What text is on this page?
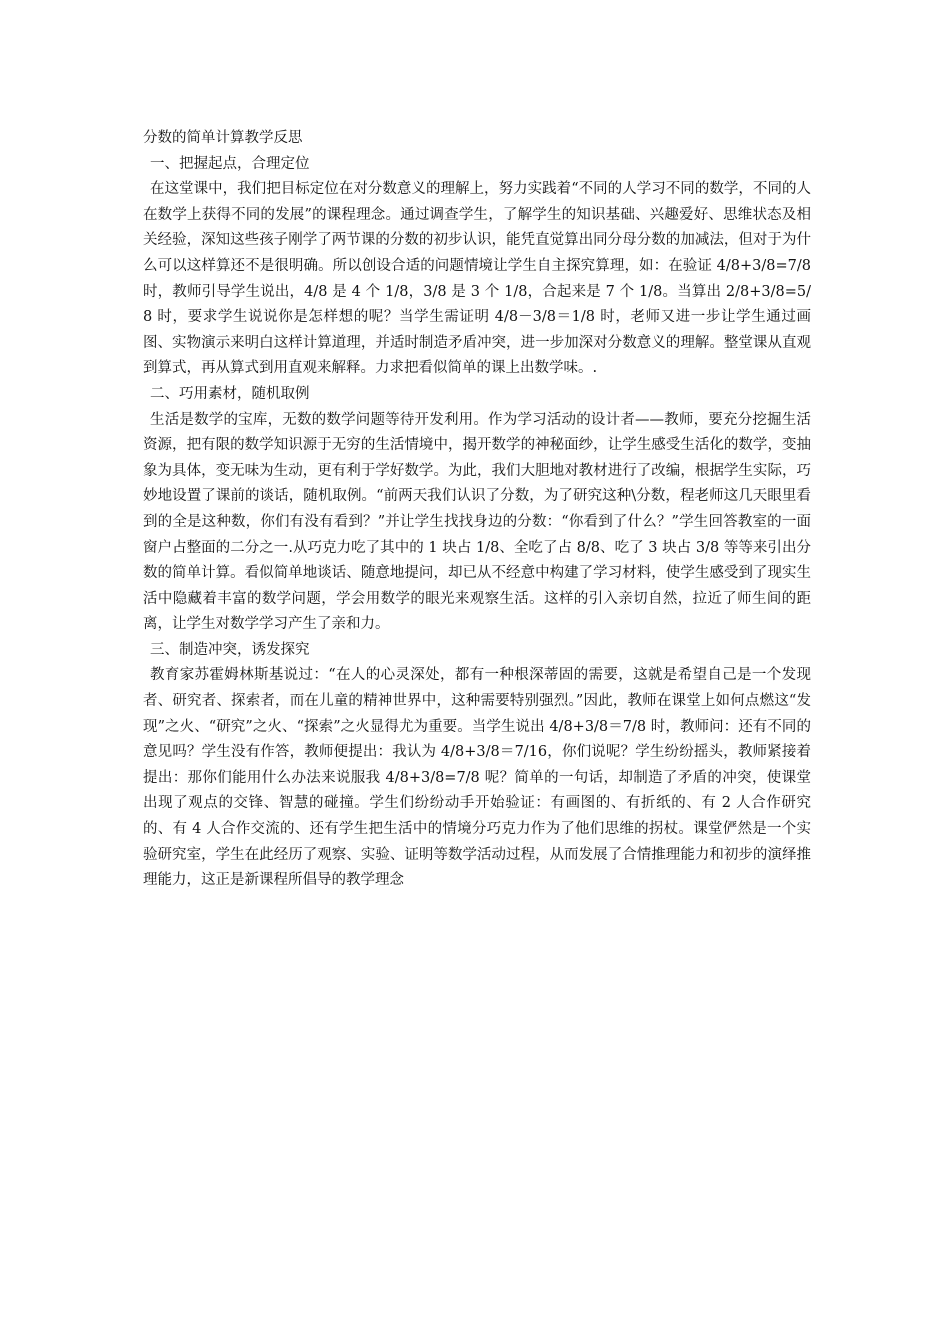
分数的简单计算教学反思
一、把握起点，合理定位

在这堂课中，我们把目标定位在对分数意义的理解上，努力实践着“不同的人学习不同的数学，不同的人在数学上获得不同的发展”的课程理念。通过调查学生，了解学生的知识基础、兴趣爱好、思维状态及相关经验，深知这些孩子刚学了两节课的分数的初步认识，能凭直觉算出同分母分数的加减法，但对于为什么可以这样算还不是很明确。所以创设合适的问题情境让学生自主探究算理，如：在验证 4/8+3/8=7/8 时，教师引导学生说出，4/8 是 4 个 1/8，3/8 是 3 个 1/8，合起来是 7 个 1/8。当算出 2/8+3/8=5/8 时，要求学生说说你是怎样想的呢？当学生需证明 4/8－3/8＝1/8 时，老师又进一步让学生通过画图、实物演示来明白这样计算道理，并适时制造矛盾冲突，进一步加深对分数意义的理解。整堂课从直观到算式，再从算式到用直观来解释。力求把看似简单的课上出数学味。.

二、巧用素材，随机取例

生活是数学的宝库，无数的数学问题等待开发利用。作为学习活动的设计者——教师，要充分挖掘生活资源，把有限的数学知识源于无穷的生活情境中，揭开数学的神秘面纱，让学生感受生活化的数学，变抽象为具体，变无味为生动，更有利于学好数学。为此，我们大胆地对教材进行了改编，根据学生实际，巧妙地设置了课前的谈话，随机取例。“前两天我们认识了分数，为了研究这种\分数，程老师这几天眼里看到的全是这种数，你们有没有看到？”并让学生找找身边的分数：“你看到了什么？”学生回答教室的一面窗户占整面的二分之一.从巧克力吃了其中的 1 块占 1/8、全吃了占 8/8、吃了 3 块占 3/8 等等来引出分数的简单计算。看似简单地谈话、随意地提问，却已从不经意中构建了学习材料，使学生感受到了现实生活中隐藏着丰富的数学问题，学会用数学的眼光来观察生活。这样的引入亲切自然，拉近了师生间的距离，让学生对数学学习产生了亲和力。

三、制造冲突，诱发探究

教育家苏霍姆林斯基说过：“在人的心灵深处，都有一种根深蒂固的需要，这就是希望自己是一个发现者、研究者、探索者，而在儿童的精神世界中，这种需要特别强烈。”因此，教师在课堂上如何点燃这“发现”之火、“研究”之火、“探索”之火显得尤为重要。当学生说出 4/8+3/8＝7/8 时，教师问：还有不同的意见吗？学生没有作答，教师便提出：我认为 4/8+3/8＝7/16，你们说呢？学生纷纷摇头，教师紧接着提出：那你们能用什么办法来说服我 4/8+3/8=7/8 呢？简单的一句话，却制造了矛盾的冲突，使课堂出现了观点的交锋、智慧的碰撞。学生们纷纷动手开始验证：有画图的、有折纸的、有 2 人合作研究的、有 4 人合作交流的、还有学生把生活中的情境分巧克力作为了他们思维的拐杖。课堂俨然是一个实验研究室，学生在此经历了观察、实验、证明等数学活动过程，从而发展了合情推理能力和初步的演绎推理能力，这正是新课程所倡导的教学理念
